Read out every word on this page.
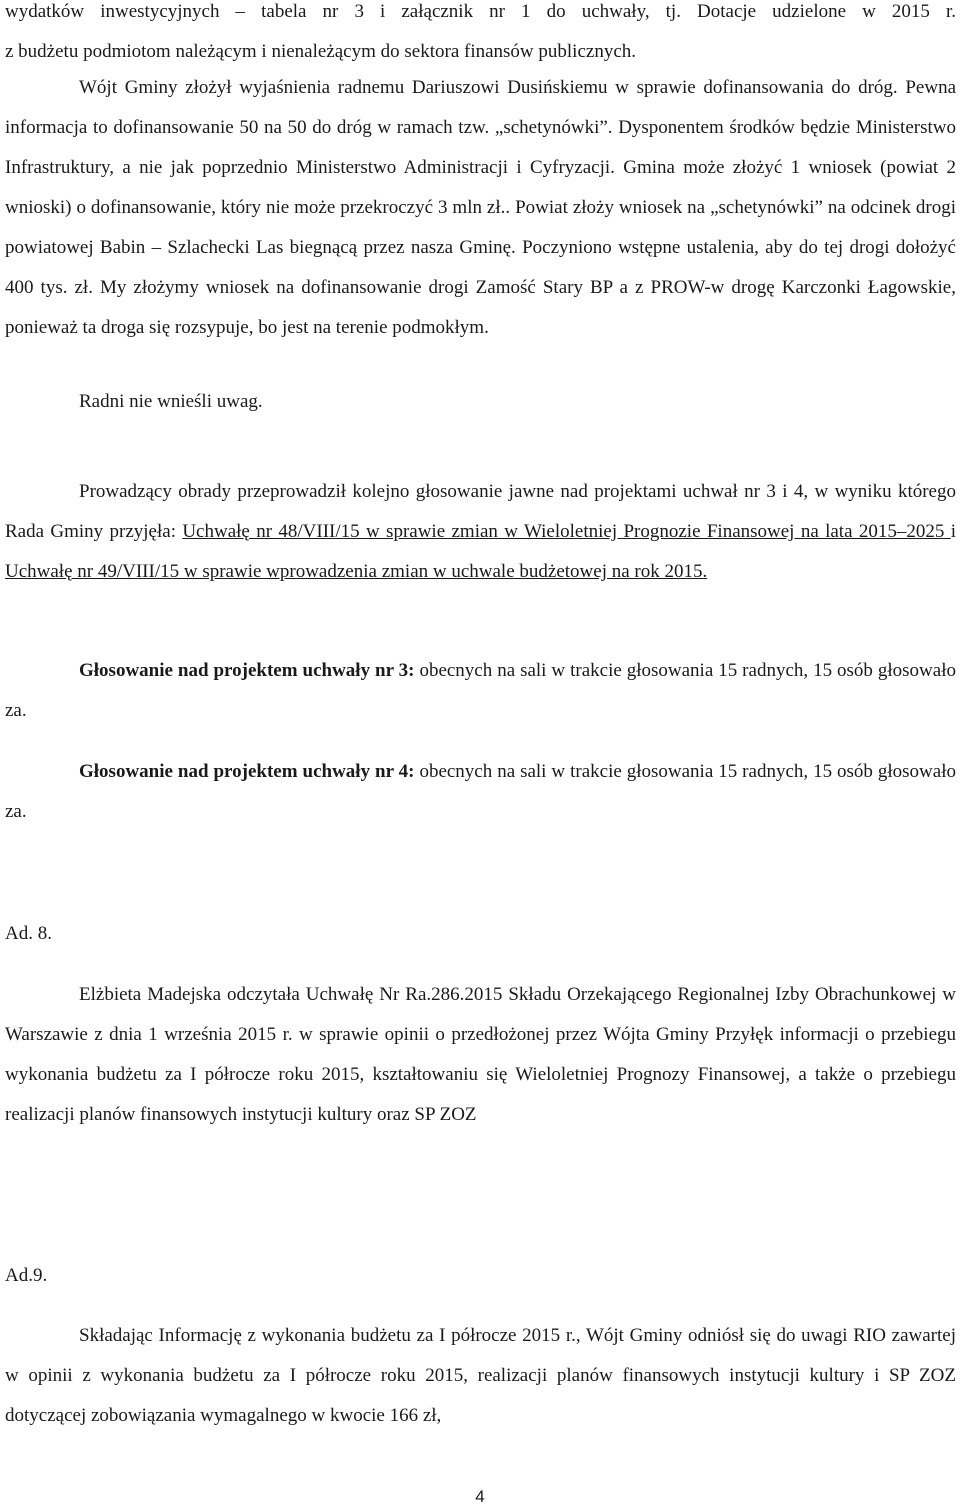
wydatków inwestycyjnych – tabela nr 3 i załącznik nr 1 do uchwały, tj. Dotacje udzielone w 2015 r.
z budżetu podmiotom należącym i nienależącym do sektora finansów publicznych.

Wójt Gminy złożył wyjaśnienia radnemu Dariuszowi Dusińskiemu w sprawie dofinansowania do dróg. Pewna informacja to dofinansowanie 50 na 50 do dróg w ramach tzw. „schetynówki”. Dysponentem środków będzie Ministerstwo Infrastruktury, a nie jak poprzednio Ministerstwo Administracji i Cyfryzacji. Gmina może złożyć 1 wniosek (powiat 2 wnioski) o dofinansowanie, który nie może przekroczyć 3 mln zł.. Powiat złoży wniosek na „schetynówki” na odcinek drogi powiatowej Babin – Szlachecki Las biegnącą przez nasza Gminę. Poczyniono wstępne ustalenia, aby do tej drogi dołożyć 400 tys. zł. My złożymy wniosek na dofinansowanie drogi Zamość Stary BP a z PROW-w drogę Karczonki Łagowskie, ponieważ ta droga się rozsypuje, bo jest na terenie podmokłym.

Radni nie wnieśli uwag.

Prowadzący obrady przeprowadził kolejno głosowanie jawne nad projektami uchwał nr 3 i 4, w wyniku którego Rada Gminy przyjęła: Uchwałę nr 48/VIII/15 w sprawie zmian w Wieloletniej Prognozie Finansowej na lata 2015–2025 i Uchwałę nr 49/VIII/15 w sprawie wprowadzenia zmian w uchwale budżetowej na rok 2015.

Głosowanie nad projektem uchwały nr 3: obecnych na sali w trakcie głosowania 15 radnych, 15 osób głosowało za.

Głosowanie nad projektem uchwały nr 4: obecnych na sali w trakcie głosowania 15 radnych, 15 osób głosowało za.

Ad. 8.

Elżbieta Madejska odczytała Uchwałę Nr Ra.286.2015 Składu Orzekającego Regionalnej Izby Obrachunkowej w Warszawie z dnia 1 września 2015 r. w sprawie opinii o przedłożonej przez Wójta Gminy Przyłęk informacji o przebiegu wykonania budżetu za I półrocze roku 2015, kształtowaniu się Wieloletniej Prognozy Finansowej, a także o przebiegu realizacji planów finansowych instytucji kultury oraz SP ZOZ

Ad.9.

Składając Informację z wykonania budżetu za I półrocze 2015 r., Wójt Gminy odniósł się do uwagi RIO zawartej w opinii z wykonania budżetu za I półrocze roku 2015, realizacji planów finansowych instytucji kultury i SP ZOZ dotyczącej zobowiązania wymagalnego w kwocie 166 zł,

4
